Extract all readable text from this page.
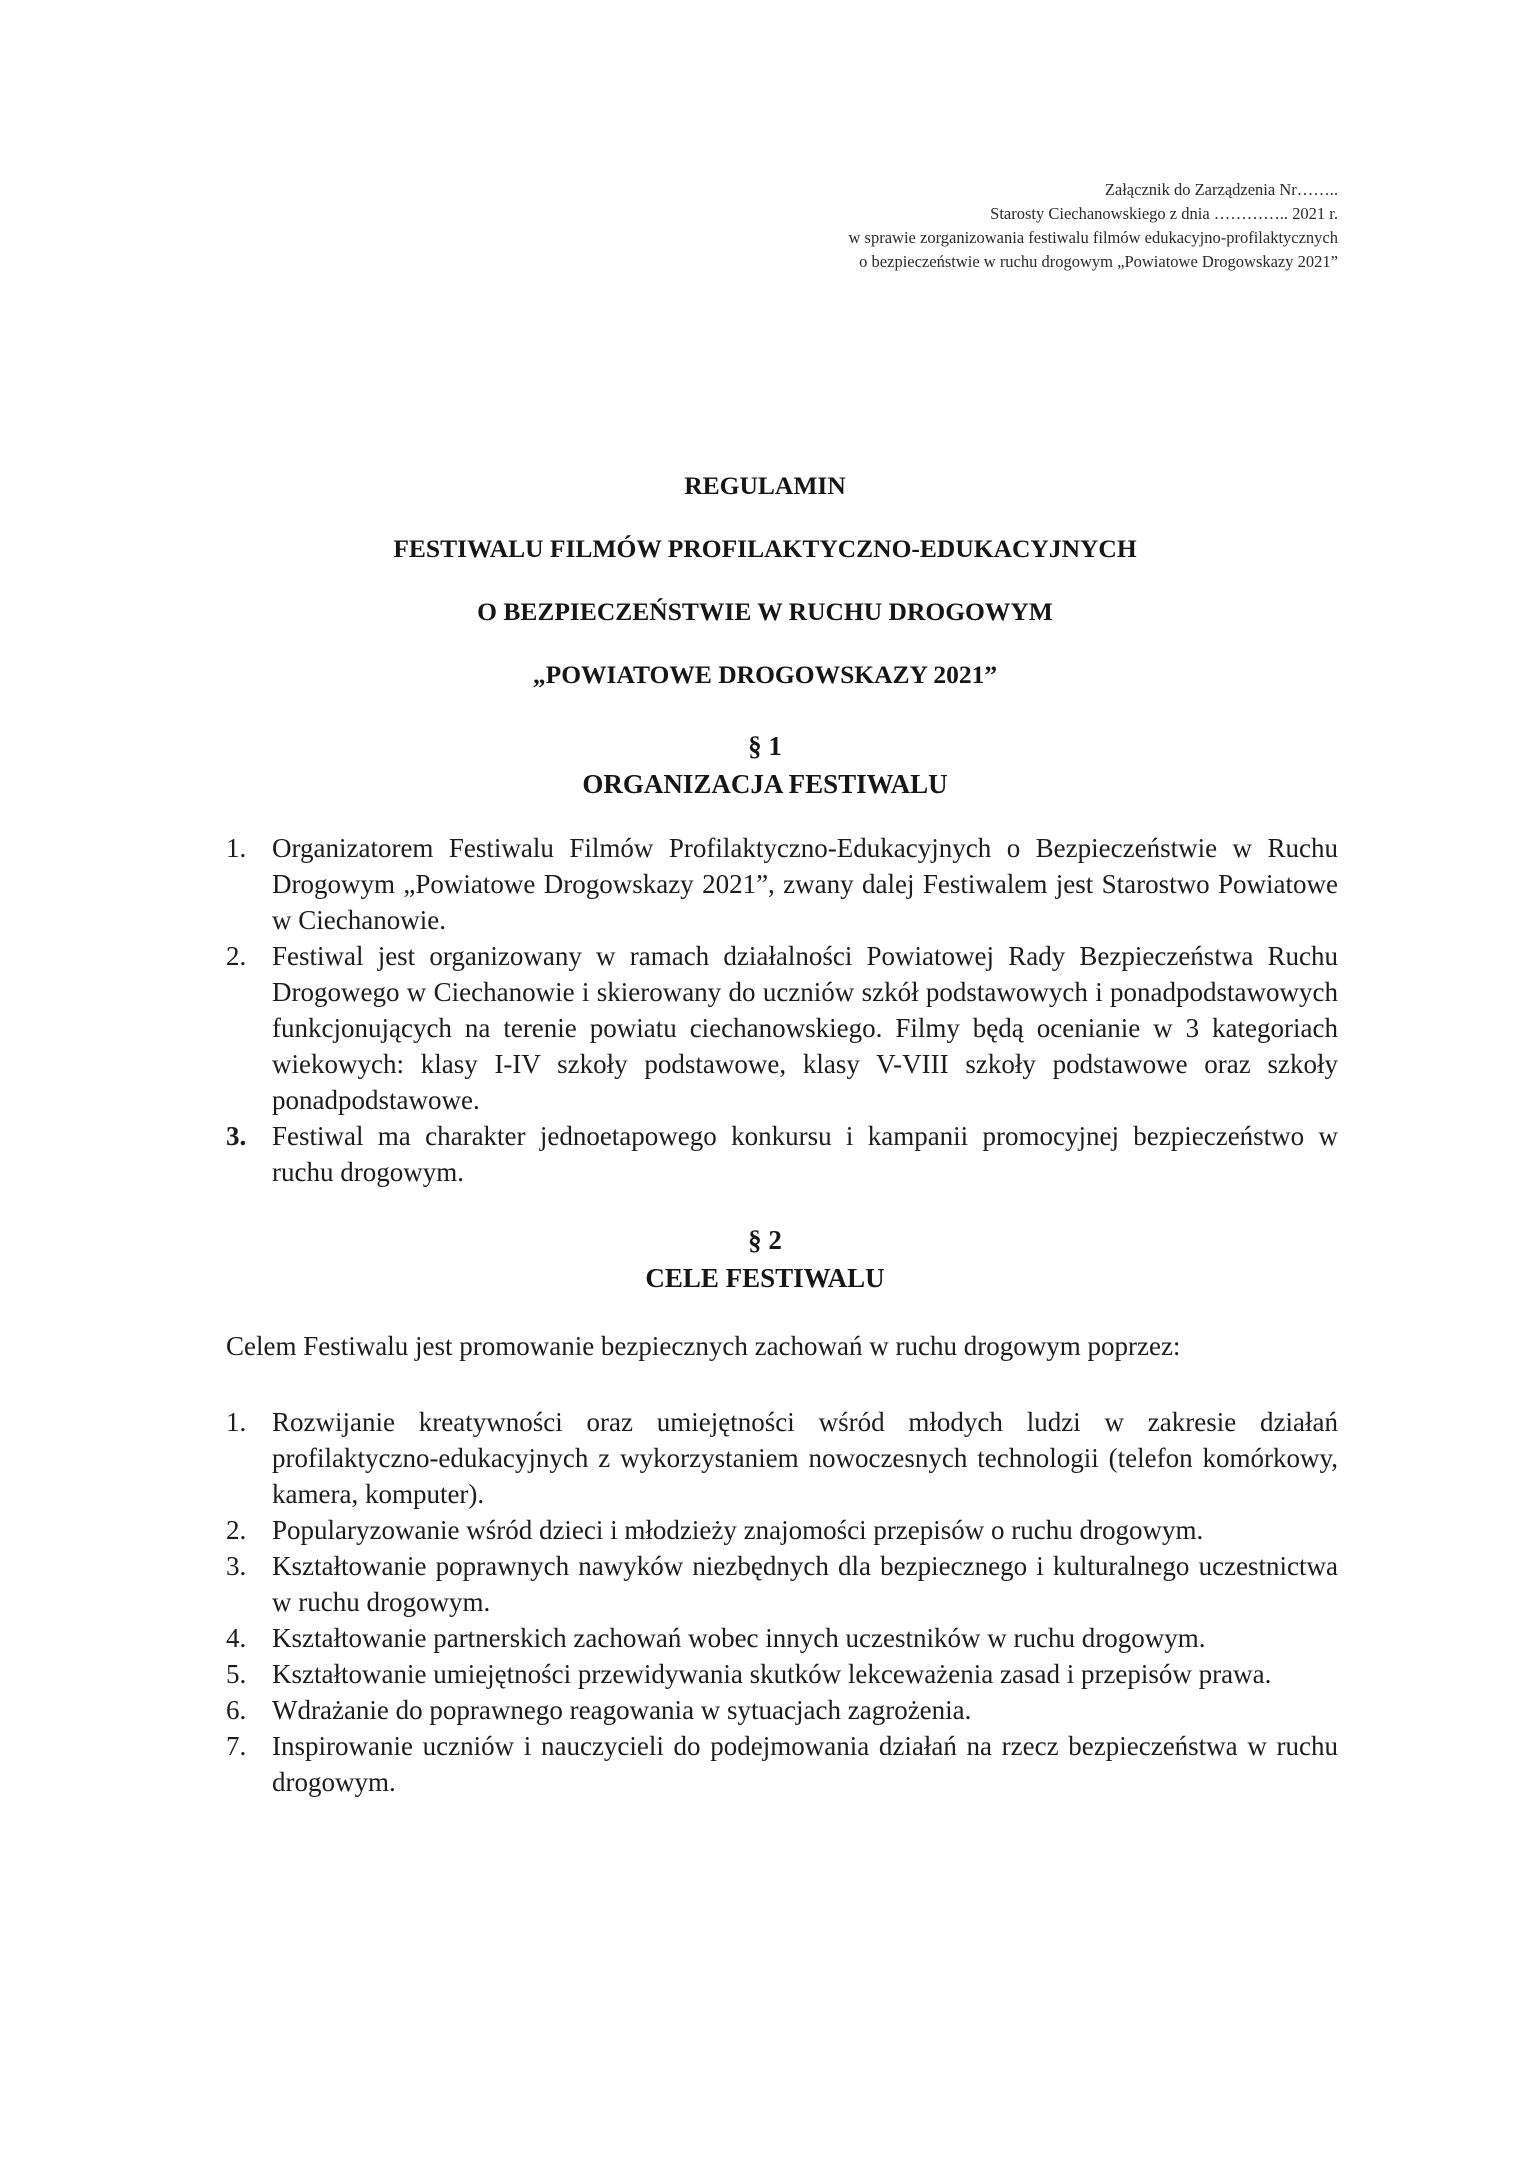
Załącznik do Zarządzenia Nr……..
Starosty Ciechanowskiego z dnia ………….. 2021 r.
w sprawie zorganizowania festiwalu filmów edukacyjno-profilaktycznych
o bezpieczeństwie w ruchu drogowym „Powiatowe Drogowskazy 2021”
REGULAMIN
FESTIWALU FILMÓW PROFILAKTYCZNO-EDUKACYJNYCH
O BEZPIECZEŃSTWIE W RUCHU DROGOWYM
„POWIATOWE DROGOWSKAZY 2021”
§ 1
ORGANIZACJA FESTIWALU
1. Organizatorem Festiwalu Filmów Profilaktyczno-Edukacyjnych o Bezpieczeństwie w Ruchu Drogowym „Powiatowe Drogowskazy 2021”, zwany dalej Festiwalem jest Starostwo Powiatowe w Ciechanowie.
2. Festiwal jest organizowany w ramach działalności Powiatowej Rady Bezpieczeństwa Ruchu Drogowego w Ciechanowie i skierowany do uczniów szkół podstawowych i ponadpodstawowych funkcjonujących na terenie powiatu ciechanowskiego. Filmy będą ocenianie w 3 kategoriach wiekowych: klasy I-IV szkoły podstawowe, klasy V-VIII szkoły podstawowe oraz szkoły ponadpodstawowe.
3. Festiwal ma charakter jednoetapowego konkursu i kampanii promocyjnej bezpieczeństwo w ruchu drogowym.
§ 2
CELE FESTIWALU
Celem Festiwalu jest promowanie bezpiecznych zachowań w ruchu drogowym poprzez:
1. Rozwijanie kreatywności oraz umiejętności wśród młodych ludzi w zakresie działań profilaktyczno-edukacyjnych z wykorzystaniem nowoczesnych technologii (telefon komórkowy, kamera, komputer).
2. Popularyzowanie wśród dzieci i młodzieży znajomości przepisów o ruchu drogowym.
3. Kształtowanie poprawnych nawyków niezbędnych dla bezpiecznego i kulturalnego uczestnictwa w ruchu drogowym.
4. Kształtowanie partnerskich zachowań wobec innych uczestników w ruchu drogowym.
5. Kształtowanie umiejętności przewidywania skutków lekceważenia zasad i przepisów prawa.
6. Wdrażanie do poprawnego reagowania w sytuacjach zagrożenia.
7. Inspirowanie uczniów i nauczycieli do podejmowania działań na rzecz bezpieczeństwa w ruchu drogowym.
